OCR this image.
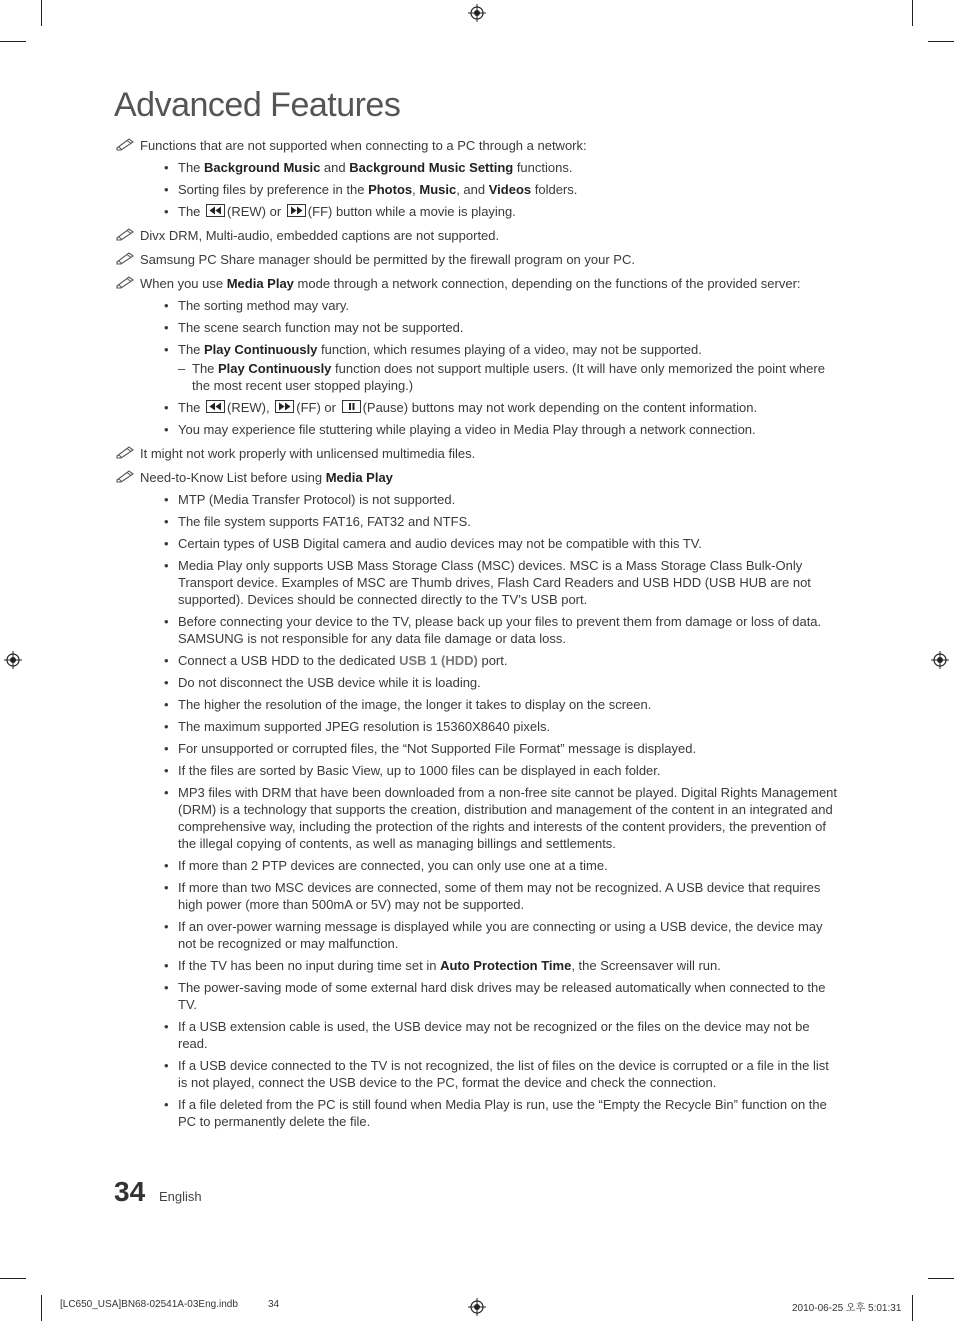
Advanced Features
Functions that are not supported when connecting to a PC through a network:
• The Background Music and Background Music Setting functions.
• Sorting files by preference in the Photos, Music, and Videos folders.
• The
(REW) or
(FF) button while a movie is playing.
Divx DRM, Multi-audio, embedded captions are not supported.
Samsung PC Share manager should be permitted by the firewall program on your PC.
When you use Media Play mode through a network connection, depending on the functions of the provided server:
• The sorting method may vary.
• The scene search function may not be supported.
• The Play Continuously function, which resumes playing of a video, may not be supported.
– The Play Continuously function does not support multiple users. (It will have only memorized the point where the most recent user stopped playing.)
• The
(REW),
(FF) or
(Pause) buttons may not work depending on the content information.
• You may experience file stuttering while playing a video in Media Play through a network connection.
It might not work properly with unlicensed multimedia files.
Need-to-Know List before using Media Play
• MTP (Media Transfer Protocol) is not supported.
• The file system supports FAT16, FAT32 and NTFS.
• Certain types of USB Digital camera and audio devices may not be compatible with this TV.
• Media Play only supports USB Mass Storage Class (MSC) devices. MSC is a Mass Storage Class Bulk-Only Transport device. Examples of MSC are Thumb drives, Flash Card Readers and USB HDD (USB HUB are not supported). Devices should be connected directly to the TV’s USB port.
• Before connecting your device to the TV, please back up your files to prevent them from damage or loss of data. SAMSUNG is not responsible for any data file damage or data loss.
• Connect a USB HDD to the dedicated USB 1 (HDD) port.
• Do not disconnect the USB device while it is loading.
• The higher the resolution of the image, the longer it takes to display on the screen.
• The maximum supported JPEG resolution is 15360X8640 pixels.
• For unsupported or corrupted files, the “Not Supported File Format” message is displayed.
• If the files are sorted by Basic View, up to 1000 files can be displayed in each folder.
• MP3 files with DRM that have been downloaded from a non-free site cannot be played. Digital Rights Management (DRM) is a technology that supports the creation, distribution and management of the content in an integrated and comprehensive way, including the protection of the rights and interests of the content providers, the prevention of the illegal copying of contents, as well as managing billings and settlements.
• If more than 2 PTP devices are connected, you can only use one at a time.
• If more than two MSC devices are connected, some of them may not be recognized. A USB device that requires high power (more than 500mA or 5V) may not be supported.
• If an over-power warning message is displayed while you are connecting or using a USB device, the device may not be recognized or may malfunction.
• If the TV has been no input during time set in Auto Protection Time, the Screensaver will run.
• The power-saving mode of some external hard disk drives may be released automatically when connected to the TV.
• If a USB extension cable is used, the USB device may not be recognized or the files on the device may not be read.
• If a USB device connected to the TV is not recognized, the list of files on the device is corrupted or a file in the list is not played, connect the USB device to the PC, format the device and check the connection.
• If a file deleted from the PC is still found when Media Play is run, use the “Empty the Recycle Bin” function on the PC to permanently delete the file.
34 English
[LC650_USA]BN68-02541A-03Eng.indb	34	2010-06-25 오후 5:01:31
